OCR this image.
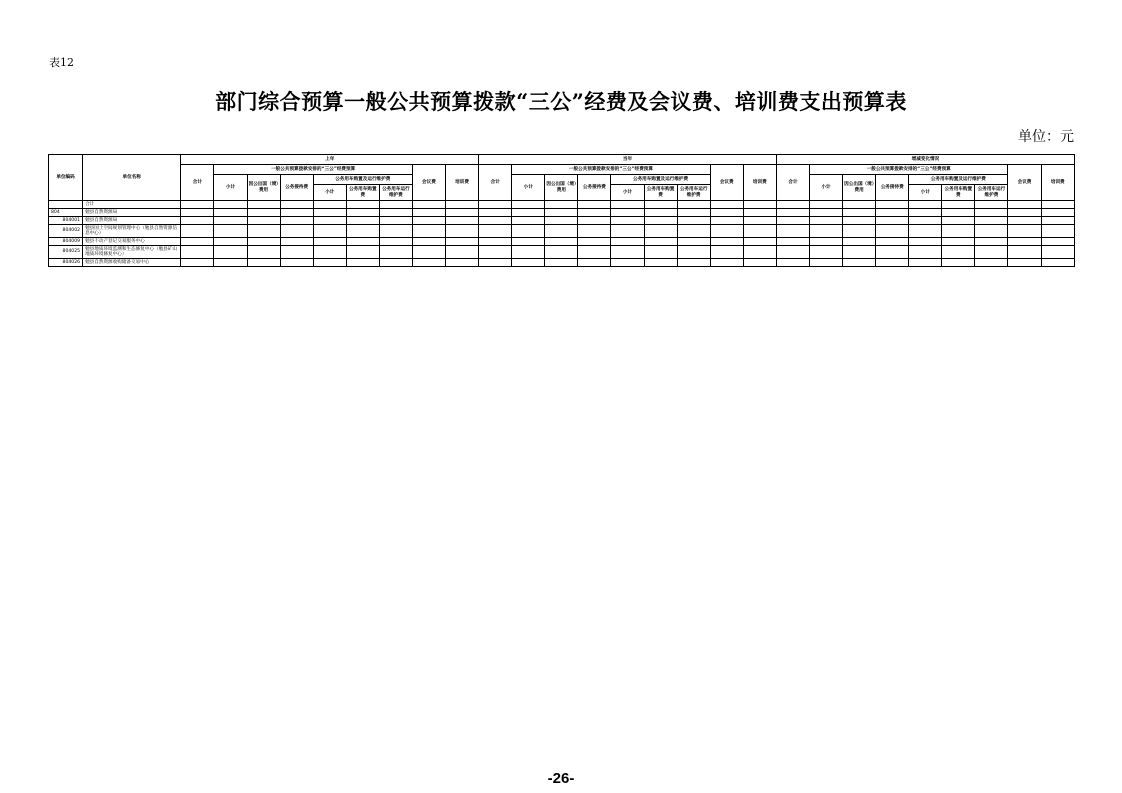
表12
部门综合预算一般公共预算拨款“三公”经费及会议费、培训费支出预算表
单位：元
单位编码	单位名称	上年									当年									增减变化情况								
		合计	一般公共预算拨款安排的“三公”经费预算						会议费	培训费	合计	一般公共预算拨款安排的“三公”经费预算						会议费	培训费	合计	一般公共预算拨款安排的“三公”经费预算						会议费	培训费
			小计	因公出国（境）费用	公务接待费	公务用车购置及运行维护费						小计	因公出国（境）费用	公务接待费	公务用车购置及运行维护费						小计	因公出国（境）费用	公务接待费	公务用车购置及运行维护费				
						小计	公务用车购置费	公务用车运行维护费							小计	公务用车购置费	公务用车运行维护费							小计	公务用车购置费	公务用车运行维护费		
	合计																											
804	勉县自然资源局																											
804001	勉县自然资源局																											
804002	勉县国土空间规划管理中心（勉县自然资源信息中心）																											
804009	勉县不动产登记交易服务中心																											
804025	勉县地质环境监测和生态修复中心（勉县矿山地质环境修复中心）																											
804026	勉县自然资源收购储备交易中心																											
-26-
